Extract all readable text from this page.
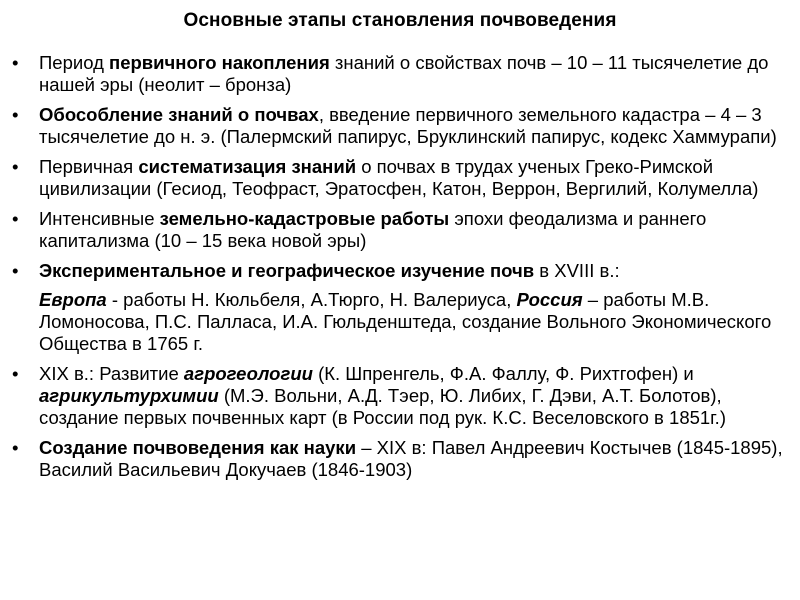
Основные этапы становления почвоведения
•	Период первичного накопления знаний о свойствах почв – 10 – 11 тысячелетие до нашей эры (неолит – бронза)
•	Обособление знаний о почвах, введение первичного земельного кадастра – 4 – 3 тысячелетие до н. э. (Палермский папирус, Бруклинский папирус, кодекс Хаммурапи)
•	Первичная систематизация знаний о почвах в трудах ученых Греко-Римской цивилизации (Гесиод, Теофраст, Эратосфен, Катон, Веррон, Вергилий, Колумелла)
•	Интенсивные земельно-кадастровые работы эпохи феодализма и раннего капитализма (10 – 15 века новой эры)
•	Экспериментальное и географическое изучение почв в XVIII в.:
Европа - работы Н. Кюльбеля, А.Тюрго, Н. Валериуса, Россия – работы М.В. Ломоносова, П.С. Палласа, И.А. Гюльденштеда, создание Вольного Экономического Общества в 1765 г.
•	XIX в.: Развитие агрогеологии (К. Шпренгель, Ф.А. Фаллу, Ф. Рихтгофен) и агрикультурхимии (М.Э. Вольни, А.Д. Тэер, Ю. Либих, Г. Дэви, А.Т. Болотов), создание первых почвенных карт (в России под рук. К.С. Веселовского в 1851г.)
•	Создание почвоведения как науки – XIX в: Павел Андреевич Костычев (1845-1895), Василий Васильевич Докучаев (1846-1903)
